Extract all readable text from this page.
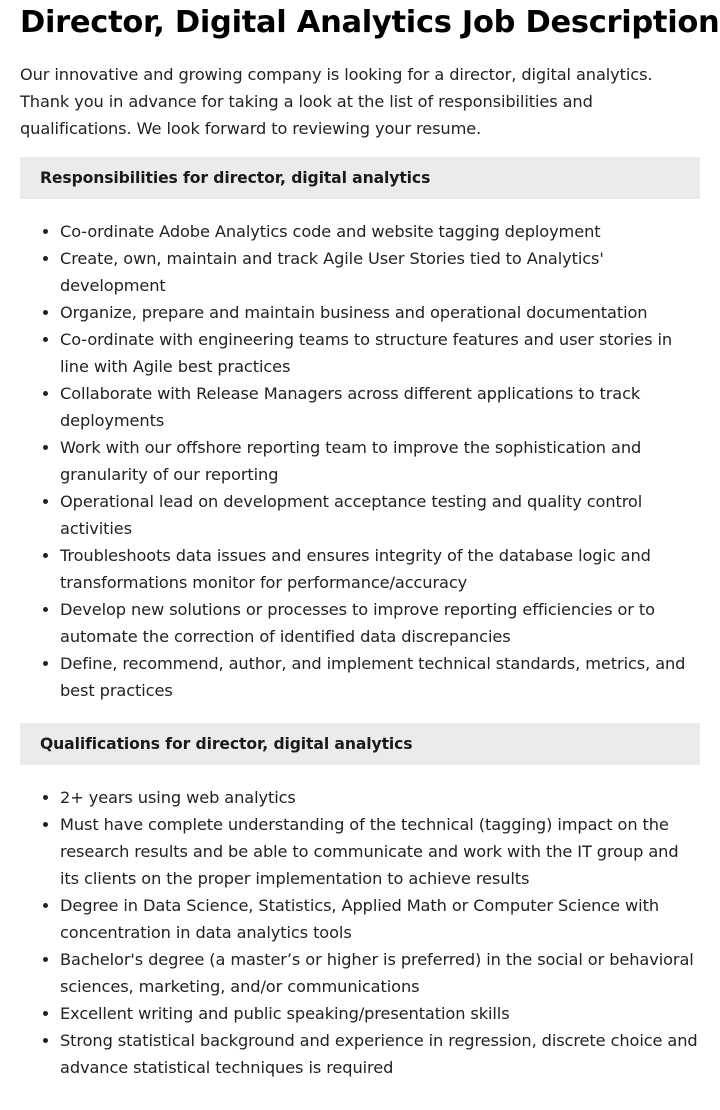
Director, Digital Analytics Job Description

Our innovative and growing company is looking for a director, digital analytics. Thank you in advance for taking a look at the list of responsibilities and qualifications. We look forward to reviewing your resume.

Responsibilities for director, digital analytics
Co-ordinate Adobe Analytics code and website tagging deployment
Create, own, maintain and track Agile User Stories tied to Analytics' development
Organize, prepare and maintain business and operational documentation
Co-ordinate with engineering teams to structure features and user stories in line with Agile best practices
Collaborate with Release Managers across different applications to track deployments
Work with our offshore reporting team to improve the sophistication and granularity of our reporting
Operational lead on development acceptance testing and quality control activities
Troubleshoots data issues and ensures integrity of the database logic and transformations monitor for performance/accuracy
Develop new solutions or processes to improve reporting efficiencies or to automate the correction of identified data discrepancies
Define, recommend, author, and implement technical standards, metrics, and best practices
Qualifications for director, digital analytics
2+ years using web analytics
Must have complete understanding of the technical (tagging) impact on the research results and be able to communicate and work with the IT group and its clients on the proper implementation to achieve results
Degree in Data Science, Statistics, Applied Math or Computer Science with concentration in data analytics tools
Bachelor's degree (a master’s or higher is preferred) in the social or behavioral sciences, marketing, and/or communications
Excellent writing and public speaking/presentation skills
Strong statistical background and experience in regression, discrete choice and advance statistical techniques is required
